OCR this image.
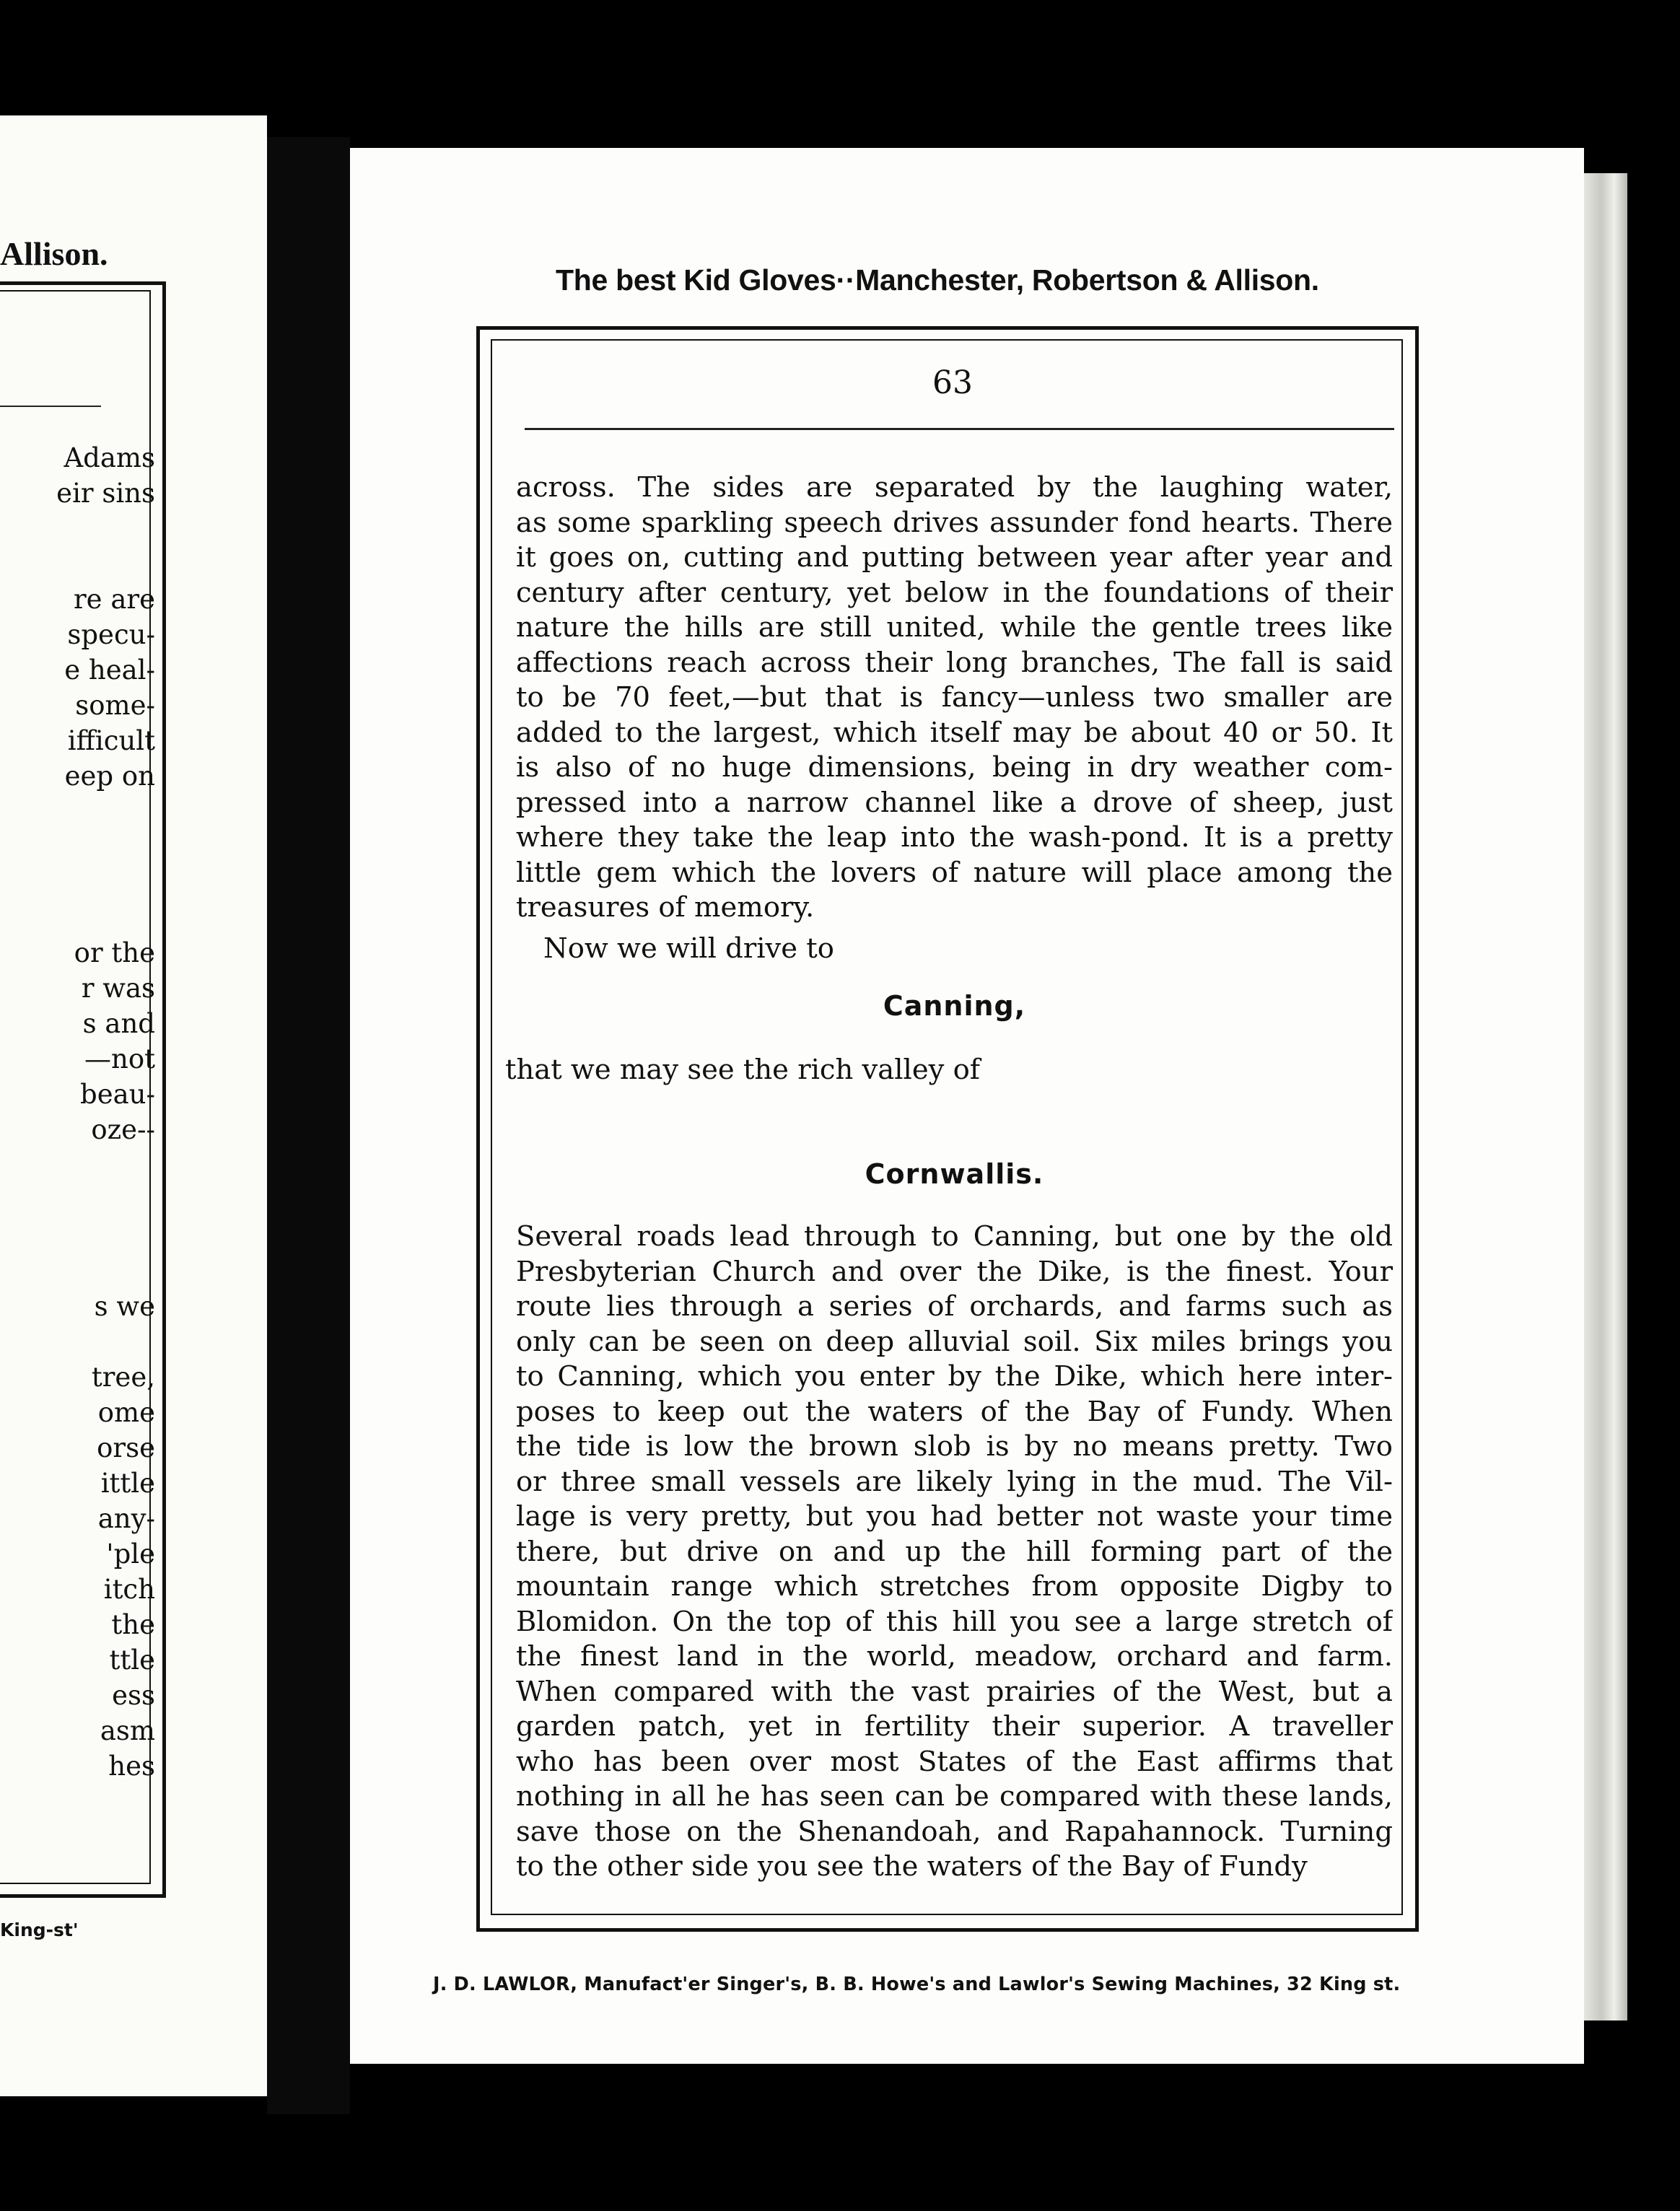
Allison.
Adams
eir sins

re are
specu-
e heal-
some-
ifficult
eep on

or the
r was
s and
—not
beau-
oze--

s we

tree,
ome
orse
ittle
any-
'ple
itch
the
ttle
ess
asm
hes
King-st'
The best Kid Gloves··Manchester, Robertson & Allison.
63
across. The sides are separated by the laughing water,
as some sparkling speech drives assunder fond hearts. There
it goes on, cutting and putting between year after year and
century after century, yet below in the foundations of their
nature the hills are still united, while the gentle trees like
affections reach across their long branches, The fall is said
to be 70 feet,—but that is fancy—unless two smaller are
added to the largest, which itself may be about 40 or 50. It
is also of no huge dimensions, being in dry weather com-
pressed into a narrow channel like a drove of sheep, just
where they take the leap into the wash-pond. It is a pretty
little gem which the lovers of nature will place among the
treasures of memory.
Now we will drive to
Canning,
that we may see the rich valley of
Cornwallis.
Several roads lead through to Canning, but one by the old
Presbyterian Church and over the Dike, is the finest. Your
route lies through a series of orchards, and farms such as
only can be seen on deep alluvial soil. Six miles brings you
to Canning, which you enter by the Dike, which here inter-
poses to keep out the waters of the Bay of Fundy. When
the tide is low the brown slob is by no means pretty. Two
or three small vessels are likely lying in the mud. The Vil-
lage is very pretty, but you had better not waste your time
there, but drive on and up the hill forming part of the
mountain range which stretches from opposite Digby to
Blomidon. On the top of this hill you see a large stretch of
the finest land in the world, meadow, orchard and farm.
When compared with the vast prairies of the West, but a
garden patch, yet in fertility their superior. A traveller
who has been over most States of the East affirms that
nothing in all he has seen can be compared with these lands,
save those on the Shenandoah, and Rapahannock. Turning
to the other side you see the waters of the Bay of Fundy
J. D. LAWLOR, Manufact'er Singer's, B. B. Howe's and Lawlor's Sewing Machines, 32 King st.
